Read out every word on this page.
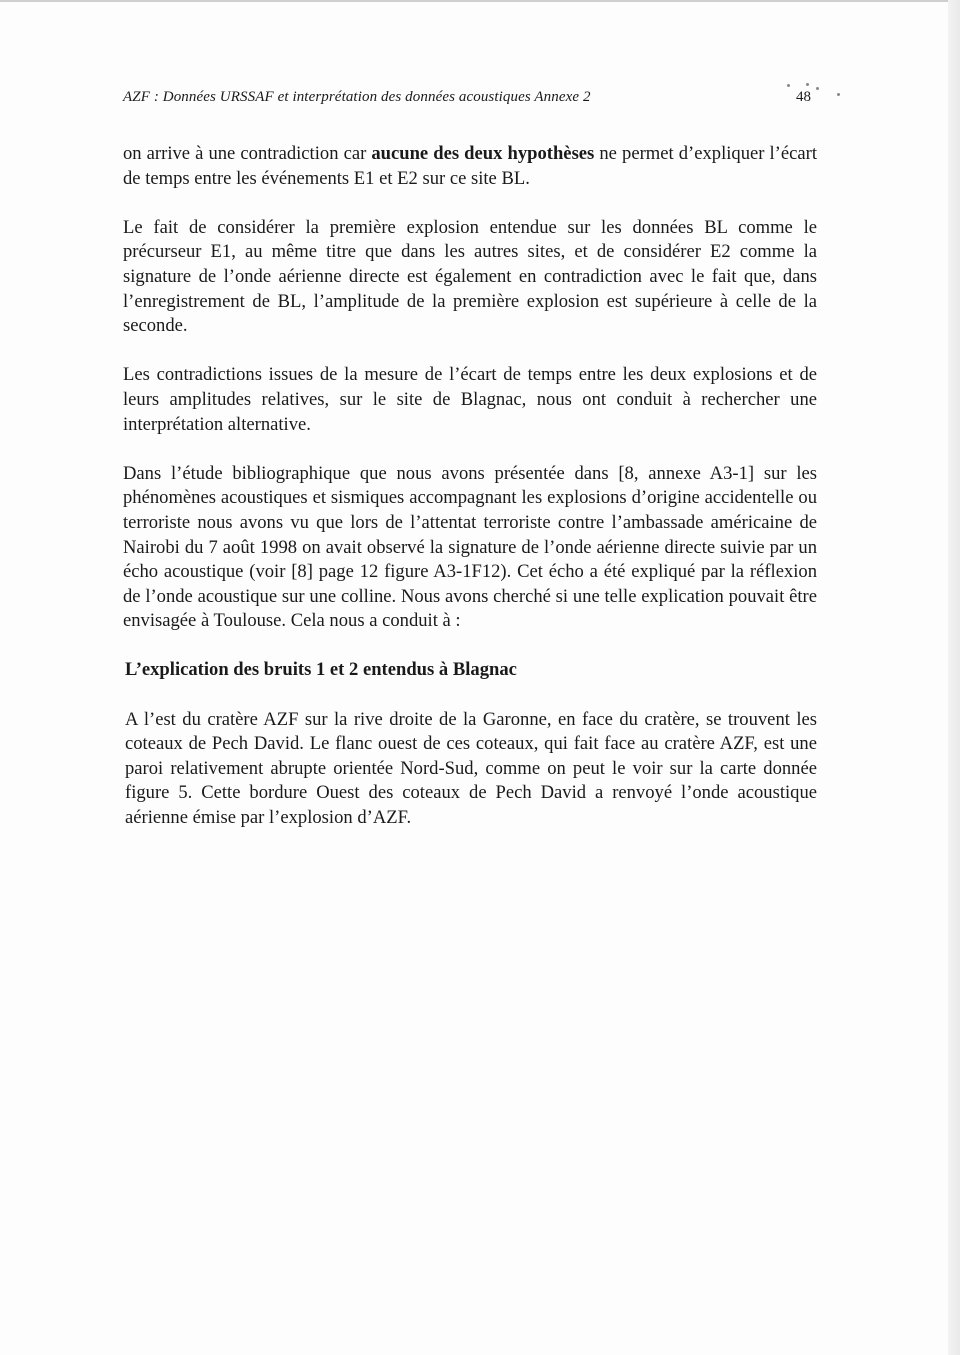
AZF : Données URSSAF et interprétation des données acoustiques Annexe 2	48

on arrive à une contradiction car aucune des deux hypothèses ne permet d’expliquer l’écart de temps entre les événements E1 et E2 sur ce site BL.

Le fait de considérer la première explosion entendue sur les données BL comme le précurseur E1, au même titre que dans les autres sites, et de considérer E2 comme la signature de l’onde aérienne directe est également en contradiction avec le fait que, dans l’enregistrement de BL, l’amplitude de la première explosion est supérieure à celle de la seconde.

Les contradictions issues de la mesure de l’écart de temps entre les deux explosions et de leurs amplitudes relatives, sur le site de Blagnac, nous ont conduit à rechercher une interprétation alternative.

Dans l’étude bibliographique que nous avons présentée dans [8, annexe A3-1] sur les phénomènes acoustiques et sismiques accompagnant les explosions d’origine accidentelle ou terroriste nous avons vu que lors de l’attentat terroriste contre l’ambassade américaine de Nairobi du 7 août 1998 on avait observé la signature de l’onde aérienne directe suivie par un écho acoustique (voir [8] page 12 figure A3-1F12). Cet écho a été expliqué par la réflexion de l’onde acoustique sur une colline. Nous avons cherché si une telle explication pouvait être envisagée à Toulouse. Cela nous a conduit à :

L’explication des bruits 1 et 2 entendus à Blagnac

A l’est du cratère AZF sur la rive droite de la Garonne, en face du cratère, se trouvent les coteaux de Pech David. Le flanc ouest de ces coteaux, qui fait face au cratère AZF, est une paroi relativement abrupte orientée Nord-Sud, comme on peut le voir sur la carte donnée figure 5. Cette bordure Ouest des coteaux de Pech David a renvoyé l’onde acoustique aérienne émise par l’explosion d’AZF.
